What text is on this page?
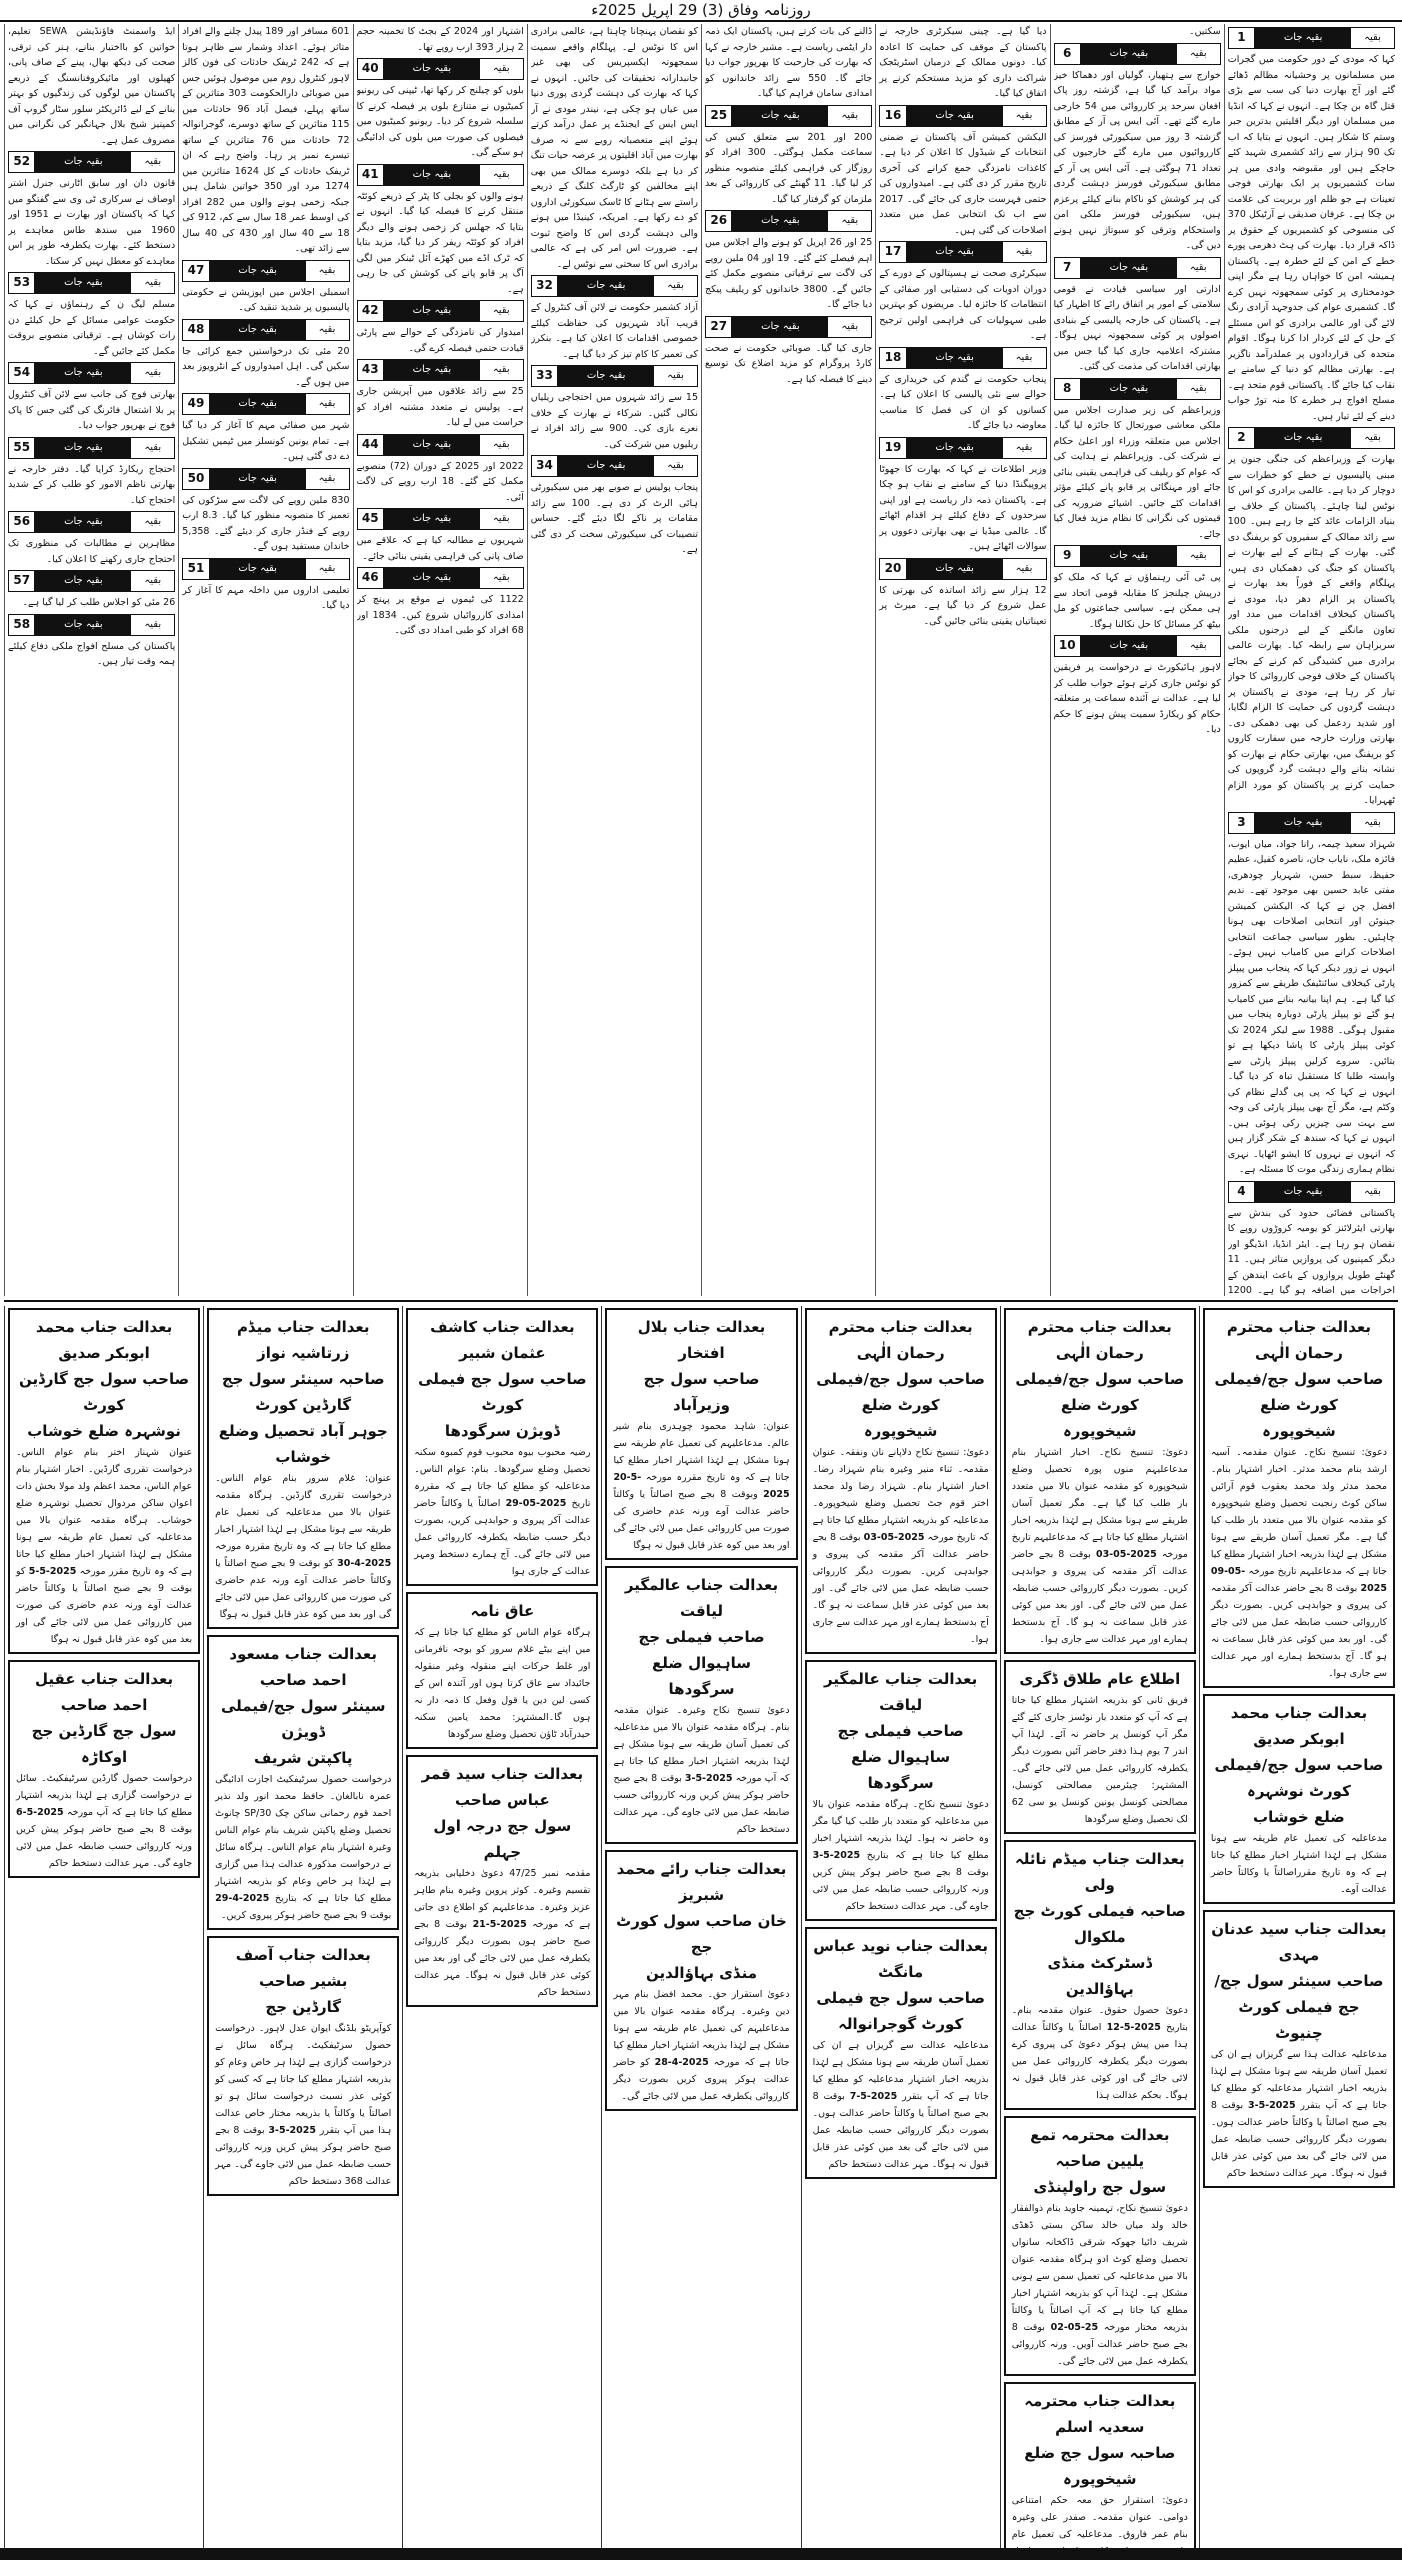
روزنامہ وفاق (3) 29 اپریل 2025ء
بقیہ
بقیہ جات
1
کہا کہ مودی کے دور حکومت میں گجرات میں مسلمانوں پر وحشیانہ مظالم ڈھائے گئے اور آج بھارت دنیا کی سب سے بڑی قتل گاہ بن چکا ہے۔ انہوں نے کہا کہ انڈیا میں مسلمان اور دیگر اقلیتیں بدترین جبر وستم کا شکار ہیں۔ انہوں نے بتایا کہ اب تک 90 ہزار سے زائد کشمیری شہید کئے جاچکے ہیں اور مقبوضہ وادی میں ہر سات کشمیریوں پر ایک بھارتی فوجی تعینات ہے جو ظلم اور بربریت کی علامت بن چکا ہے۔ عرفان صدیقی نے آرٹیکل 370 کی منسوخی کو کشمیریوں کے حقوق پر ڈاکہ قرار دیا۔ بھارت کی ہٹ دھرمی پورے خطے کے امن کے لئے خطرہ ہے۔ پاکستان ہمیشہ امن کا خواہاں رہا ہے مگر اپنی خودمختاری پر کوئی سمجھوتہ نہیں کرے گا۔ کشمیری عوام کی جدوجہد آزادی رنگ لائے گی اور عالمی برادری کو اس مسئلے کے حل کے لئے کردار ادا کرنا ہوگا۔ اقوام متحدہ کی قراردادوں پر عملدرآمد ناگزیر ہے۔ بھارتی مظالم کو دنیا کے سامنے بے نقاب کیا جائے گا۔ پاکستانی قوم متحد ہے۔ مسلح افواج ہر خطرے کا منہ توڑ جواب دینے کے لئے تیار ہیں۔
بقیہ
بقیہ جات
2
بھارت کے وزیراعظم کی جنگی جنون پر مبنی پالیسیوں نے خطے کو خطرات سے دوچار کر دیا ہے۔ عالمی برادری کو اس کا نوٹس لینا چاہئے۔ پاکستان کے خلاف بے بنیاد الزامات عائد کئے جا رہے ہیں۔ 100 سے زائد ممالک کے سفیروں کو بریفنگ دی گئی۔ بھارت کے ہٹانے کے لیے بھارت نے پاکستان کو جنگ کی دھمکیاں دی ہیں، پہلگام واقعے کے فوراً بعد بھارت نے پاکستان پر الزام دھر دیا، مودی نے پاکستان کیخلاف اقدامات میں مدد اور تعاون مانگنے کے لیے درجنوں ملکی سربراہان سے رابطہ کیا۔ بھارت عالمی برادری میں کشیدگی کم کرنے کے بجائے پاکستان کے خلاف فوجی کارروائی کا جواز تیار کر رہا ہے، مودی نے پاکستان پر دہشت گردوں کی حمایت کا الزام لگایا، اور شدید ردعمل کی بھی دھمکی دی۔ بھارتی وزارت خارجہ میں سفارت کاروں کو بریفنگ میں، بھارتی حکام نے بھارت کو نشانہ بنانے والے دہشت گرد گروپوں کی حمایت کرنے پر پاکستان کو مورد الزام ٹھہرایا۔
بقیہ
بقیہ جات
3
شہزاد سعید چیمہ، رانا جواد، میاں ایوب، فائزہ ملک، نایاب جان، ناصرہ کفیل، عظیم حفیظ، سبط حسن، شہریار چودھری، مفتی عابد حسین بھی موجود تھے۔ ندیم افضل چن نے کہا کہ الیکشن کمیشن جینوئن اور انتخابی اصلاحات بھی ہونا چاہئیں۔ بطور سیاسی جماعت انتخابی اصلاحات کرانے میں کامیاب نہیں ہوئے۔ انہوں نے زور دیکر کہا کہ پنجاب میں پیپلز پارٹی کیخلاف سائنٹیفک طریقے سے کمزور کیا گیا ہے۔ ہم اپنا بیانیہ بنانے میں کامیاب ہو گئے تو پیپلز پارٹی دوبارہ پنجاب میں مقبول ہوگی۔ 1988 سے لیکر 2024 تک کوئی پیپلز پارٹی کا پاشا دیکھا ہے تو بتائیں۔ سروے کرلیں پیپلز پارٹی سے وابستہ طلبا کا مستقبل تباہ کر دیا گیا۔ انہوں نے کہا کہ پی پی گدلے نظام کی وکٹم ہے، مگر آج بھی پیپلز پارٹی کی وجہ سے بہت سی چیزیں رکی ہوئی ہیں۔ انہوں نے کہا کہ سندھ کے شکر گزار ہیں کہ انہوں نے نہروں کا ایشو اٹھایا۔ نہری نظام ہماری زندگی موت کا مسئلہ ہے۔
بقیہ
بقیہ جات
4
پاکستانی فضائی حدود کی بندش سے بھارتی ایئرلائنز کو یومیہ کروڑوں روپے کا نقصان ہو رہا ہے۔ ایئر انڈیا، انڈیگو اور دیگر کمپنیوں کی پروازیں متاثر ہیں۔ 11 گھنٹے طویل پروازوں کے باعث ایندھن کے اخراجات میں اضافہ ہو گیا ہے۔ 1200
سکتیں۔
بقیہ
بقیہ جات
6
خوارج سے ہتھیار، گولیاں اور دھماکا خیز مواد برآمد کیا گیا ہے، گزشتہ روز پاک افغان سرحد پر کارروائی میں 54 خارجی مارے گئے تھے۔ آئی ایس پی آر کے مطابق گزشتہ 3 روز میں سیکیورٹی فورسز کی کارروائیوں میں مارے گئے خارجیوں کی تعداد 71 ہوگئی ہے۔ آئی ایس پی آر کے مطابق سیکیورٹی فورسز دہشت گردی کی ہر کوشش کو ناکام بنانے کیلئے پرعزم ہیں، سیکیورٹی فورسز ملکی امن واستحکام وترقی کو سبوتاژ نہیں ہونے دیں گی۔
بقیہ
بقیہ جات
7
ادارتی اور سیاسی قیادت نے قومی سلامتی کے امور پر اتفاق رائے کا اظہار کیا ہے۔ پاکستان کی خارجہ پالیسی کے بنیادی اصولوں پر کوئی سمجھوتہ نہیں ہوگا۔ مشترکہ اعلامیہ جاری کیا گیا جس میں بھارتی اقدامات کی مذمت کی گئی۔
بقیہ
بقیہ جات
8
وزیراعظم کی زیر صدارت اجلاس میں ملکی معاشی صورتحال کا جائزہ لیا گیا۔ اجلاس میں متعلقہ وزراء اور اعلیٰ حکام نے شرکت کی۔ وزیراعظم نے ہدایت کی کہ عوام کو ریلیف کی فراہمی یقینی بنائی جائے اور مہنگائی پر قابو پانے کیلئے مؤثر اقدامات کئے جائیں۔ اشیائے ضروریہ کی قیمتوں کی نگرانی کا نظام مزید فعال کیا جائے۔
بقیہ
بقیہ جات
9
پی ٹی آئی رہنماؤں نے کہا کہ ملک کو درپیش چیلنجز کا مقابلہ قومی اتحاد سے ہی ممکن ہے۔ سیاسی جماعتوں کو مل بیٹھ کر مسائل کا حل نکالنا ہوگا۔
بقیہ
بقیہ جات
10
لاہور ہائیکورٹ نے درخواست پر فریقین کو نوٹس جاری کرتے ہوئے جواب طلب کر لیا ہے۔ عدالت نے آئندہ سماعت پر متعلقہ حکام کو ریکارڈ سمیت پیش ہونے کا حکم دیا۔
دیا گیا ہے۔ چینی سیکرٹری خارجہ نے پاکستان کے موقف کی حمایت کا اعادہ کیا۔ دونوں ممالک کے درمیان اسٹریٹجک شراکت داری کو مزید مستحکم کرنے پر اتفاق کیا گیا۔
بقیہ
بقیہ جات
16
الیکشن کمیشن آف پاکستان نے ضمنی انتخابات کے شیڈول کا اعلان کر دیا ہے۔ کاغذات نامزدگی جمع کرانے کی آخری تاریخ مقرر کر دی گئی ہے۔ امیدواروں کی حتمی فہرست جاری کی جائے گی۔ 2017 سے اب تک انتخابی عمل میں متعدد اصلاحات کی گئی ہیں۔
بقیہ
بقیہ جات
17
سیکرٹری صحت نے ہسپتالوں کے دورے کے دوران ادویات کی دستیابی اور صفائی کے انتظامات کا جائزہ لیا۔ مریضوں کو بہترین طبی سہولیات کی فراہمی اولین ترجیح ہے۔
بقیہ
بقیہ جات
18
پنجاب حکومت نے گندم کی خریداری کے حوالے سے نئی پالیسی کا اعلان کیا ہے۔ کسانوں کو ان کی فصل کا مناسب معاوضہ دیا جائے گا۔
بقیہ
بقیہ جات
19
وزیر اطلاعات نے کہا کہ بھارت کا جھوٹا پروپیگنڈا دنیا کے سامنے بے نقاب ہو چکا ہے۔ پاکستان ذمہ دار ریاست ہے اور اپنی سرحدوں کے دفاع کیلئے ہر اقدام اٹھائے گا۔ عالمی میڈیا نے بھی بھارتی دعووں پر سوالات اٹھائے ہیں۔
بقیہ
بقیہ جات
20
12 ہزار سے زائد اساتذہ کی بھرتی کا عمل شروع کر دیا گیا ہے۔ میرٹ پر تعیناتیاں یقینی بنائی جائیں گی۔
ڈالنے کی بات کرتے ہیں، پاکستان ایک ذمہ دار ایٹمی ریاست ہے۔ مشیر خارجہ نے کہا کہ بھارت کی جارحیت کا بھرپور جواب دیا جائے گا۔ 550 سے زائد خاندانوں کو امدادی سامان فراہم کیا گیا۔
بقیہ
بقیہ جات
25
200 اور 201 سے متعلق کیس کی سماعت مکمل ہوگئی۔ 300 افراد کو روزگار کی فراہمی کیلئے منصوبہ منظور کر لیا گیا۔ 11 گھنٹے کی کارروائی کے بعد ملزمان کو گرفتار کیا گیا۔
بقیہ
بقیہ جات
26
25 اور 26 اپریل کو ہونے والے اجلاس میں اہم فیصلے کئے گئے۔ 19 اور 04 ملین روپے کی لاگت سے ترقیاتی منصوبے مکمل کئے جائیں گے۔ 3800 خاندانوں کو ریلیف پیکج دیا جائے گا۔
بقیہ
بقیہ جات
27
جاری کیا گیا۔ صوبائی حکومت نے صحت کارڈ پروگرام کو مزید اضلاع تک توسیع دینے کا فیصلہ کیا ہے۔
کو نقصان پہنچانا چاہتا ہے، عالمی برادری اس کا نوٹس لے۔ پہلگام واقعے سمیت سمجھوتہ ایکسپریس کی بھی غیر جانبدارانہ تحقیقات کی جائیں۔ انہوں نے کہا کہ بھارت کی دہشت گردی پوری دنیا میں عیاں ہو چکی ہے، نیندر مودی نے آر ایس ایس کے ایجنڈے پر عمل درآمد کرتے ہوئے اپنے متعصبانہ رویے سے نہ صرف بھارت میں آباد اقلیتوں پر عرصہ حیات تنگ کر دیا ہے بلکہ دوسرے ممالک میں بھی اپنے مخالفین کو ٹارگٹ کلنگ کے ذریعے راستے سے ہٹانے کا ٹاسک سیکورٹی اداروں کو دے رکھا ہے۔ امریکہ، کینیڈا میں ہونے والی دہشت گردی اس کا واضح ثبوت ہے۔ ضرورت اس امر کی ہے کہ عالمی برادری اس کا سختی سے نوٹس لے۔
بقیہ
بقیہ جات
32
آزاد کشمیر حکومت نے لائن آف کنٹرول کے قریب آباد شہریوں کی حفاظت کیلئے خصوصی اقدامات کا اعلان کیا ہے۔ بنکرز کی تعمیر کا کام تیز کر دیا گیا ہے۔
بقیہ
بقیہ جات
33
15 سے زائد شہروں میں احتجاجی ریلیاں نکالی گئیں۔ شرکاء نے بھارت کے خلاف نعرے بازی کی۔ 900 سے زائد افراد نے ریلیوں میں شرکت کی۔
بقیہ
بقیہ جات
34
پنجاب پولیس نے صوبے بھر میں سیکیورٹی ہائی الرٹ کر دی ہے۔ 100 سے زائد مقامات پر ناکے لگا دیئے گئے۔ حساس تنصیبات کی سیکیورٹی سخت کر دی گئی ہے۔
اشتہار اور 2024 کے بجٹ کا تخمینہ حجم 2 ہزار 393 ارب روپے تھا۔
بقیہ
بقیہ جات
40
بلوں کو چیلنج کر رکھا تھا، ٹیپنی کی ریونیو کمیٹیوں نے متنازع بلوں پر فیصلہ کرنے کا سلسلہ شروع کر دیا۔ ریونیو کمیٹیوں میں فیصلوں کی صورت میں بلوں کی ادائیگی ہو سکے گی۔
بقیہ
بقیہ جات
41
ہونے والوں کو بجلی کا پٹر کے ذریعے کوئٹہ منتقل کرنے کا فیصلہ کیا گیا۔ انہوں نے بتایا کہ جھلس کر زخمی ہونے والے دیگر افراد کو کوئٹہ ریفر کر دیا گیا، مزید بتایا کہ ٹرک اڈے میں کھڑے آئل ٹینکر میں لگی آگ پر قابو پانے کی کوشش کی جا رہی ہے۔
بقیہ
بقیہ جات
42
امیدوار کی نامزدگی کے حوالے سے پارٹی قیادت حتمی فیصلہ کرے گی۔
بقیہ
بقیہ جات
43
25 سے زائد علاقوں میں آپریشن جاری ہے۔ پولیس نے متعدد مشتبہ افراد کو حراست میں لے لیا۔
بقیہ
بقیہ جات
44
2022 اور 2025 کے دوران (72) منصوبے مکمل کئے گئے۔ 18 ارب روپے کی لاگت آئی۔
بقیہ
بقیہ جات
45
شہریوں نے مطالبہ کیا ہے کہ علاقے میں صاف پانی کی فراہمی یقینی بنائی جائے۔
بقیہ
بقیہ جات
46
1122 کی ٹیموں نے موقع پر پہنچ کر امدادی کارروائیاں شروع کیں۔ 1834 اور 68 افراد کو طبی امداد دی گئی۔
601 مسافر اور 189 پیدل چلنے والے افراد متاثر ہوئے۔ اعداد وشمار سے ظاہر ہوتا ہے کہ 242 ٹریفک حادثات کی فون کالز لاہور کنٹرول روم میں موصول ہوئیں جس میں صوبائی دارالحکومت 303 متاثرین کے ساتھ پہلے، فیصل آباد 96 حادثات میں 115 متاثرین کے ساتھ دوسرے، گوجرانوالہ 72 حادثات میں 76 متاثرین کے ساتھ تیسرے نمبر پر رہا۔ واضح رہے کہ ان ٹریفک حادثات کے کل 1624 متاثرین میں 1274 مرد اور 350 خواتین شامل ہیں جبکہ زخمی ہونے والوں میں 282 افراد کی اوسط عمر 18 سال سے کم، 912 کی 18 سے 40 سال اور 430 کی 40 سال سے زائد تھی۔
بقیہ
بقیہ جات
47
اسمبلی اجلاس میں اپوزیشن نے حکومتی پالیسیوں پر شدید تنقید کی۔
بقیہ
بقیہ جات
48
20 مئی تک درخواستیں جمع کرائی جا سکیں گی۔ اہل امیدواروں کے انٹرویوز بعد میں ہوں گے۔
بقیہ
بقیہ جات
49
شہر میں صفائی مہم کا آغاز کر دیا گیا ہے۔ تمام یونین کونسلز میں ٹیمیں تشکیل دے دی گئی ہیں۔
بقیہ
بقیہ جات
50
830 ملین روپے کی لاگت سے سڑکوں کی تعمیر کا منصوبہ منظور کیا گیا۔ 8.3 ارب روپے کے فنڈز جاری کر دیئے گئے۔ 5,358 خاندان مستفید ہوں گے۔
بقیہ
بقیہ جات
51
تعلیمی اداروں میں داخلہ مہم کا آغاز کر دیا گیا۔
ایڈ واسمنٹ فاؤنڈیشن SEWA تعلیم، خواتین کو بااختیار بنانے، ہنر کی ترقی، صحت کی دیکھ بھال، پینے کے صاف پانی، کھیلوں اور مائیکروفنانسنگ کے ذریعے پاکستان میں لوگوں کی زندگیوں کو بہتر بنانے کے لیے ڈائریکٹر سلور سٹار گروپ آف کمپنیز شیخ بلال جہانگیر کی نگرانی میں مصروف عمل ہے۔
بقیہ
بقیہ جات
52
قانون دان اور سابق اٹارنی جنرل اشتر اوصاف نے سرکاری ٹی وی سے گفتگو میں کہا کہ پاکستان اور بھارت نے 1951 اور 1960 میں سندھ طاس معاہدے پر دستخط کئے۔ بھارت یکطرفہ طور پر اس معاہدے کو معطل نہیں کر سکتا۔
بقیہ
بقیہ جات
53
مسلم لیگ ن کے رہنماؤں نے کہا کہ حکومت عوامی مسائل کے حل کیلئے دن رات کوشاں ہے۔ ترقیاتی منصوبے بروقت مکمل کئے جائیں گے۔
بقیہ
بقیہ جات
54
بھارتی فوج کی جانب سے لائن آف کنٹرول پر بلا اشتعال فائرنگ کی گئی جس کا پاک فوج نے بھرپور جواب دیا۔
بقیہ
بقیہ جات
55
احتجاج ریکارڈ کرایا گیا۔ دفتر خارجہ نے بھارتی ناظم الامور کو طلب کر کے شدید احتجاج کیا۔
بقیہ
بقیہ جات
56
مظاہرین نے مطالبات کی منظوری تک احتجاج جاری رکھنے کا اعلان کیا۔
بقیہ
بقیہ جات
57
26 مئی کو اجلاس طلب کر لیا گیا ہے۔
بقیہ
بقیہ جات
58
پاکستان کی مسلح افواج ملکی دفاع کیلئے ہمہ وقت تیار ہیں۔
بعدالت جناب محترم رحمان الٰہی
صاحب سول جج/فیملی کورٹ ضلع
شیخوپورہ
دعویٰ: تنسیخ نکاح۔ عنوان مقدمہ۔ آسیہ ارشد بنام محمد مدثر۔ اخبار اشتہار بنام۔ محمد مدثر ولد محمد یعقوب قوم آرائیں ساکن کوٹ رنجیت تحصیل وضلع شیخوپورہ کو مقدمہ عنوان بالا میں متعدد بار طلب کیا گیا ہے۔ مگر تعمیل آسان طریقے سے ہونا مشکل ہے لہٰذا بذریعہ اخبار اشتہار مطلع کیا جاتا ہے کہ مدعاعلیہم تاریخ مورخہ 09-05-2025 بوقت 8 بجے حاضر عدالت آکر مقدمہ کی پیروی و جوابدہی کریں۔ بصورت دیگر کارروائی حسب ضابطہ عمل میں لائی جائے گی۔ اور بعد میں کوئی عذر قابل سماعت نہ ہو گا۔ آج بدستخط ہمارے اور مہر عدالت سے جاری ہوا۔
بعدالت جناب محمد ابوبکر صدیق
صاحب سول جج/فیملی کورٹ نوشہرہ
ضلع خوشاب
مدعاعلیہ کی تعمیل عام طریقہ سے ہونا مشکل ہے لہٰذا اشتہار اخبار مطلع کیا جاتا ہے کہ وہ تاریخ مقرراصالتاً یا وکالتاً حاضر عدالت آوے۔
بعدالت جناب سید عدنان مہدی
صاحب سینئر سول جج/جج فیملی کورٹ
چنیوٹ
مدعاعلیہ عدالت ہذا سے گریزاں ہے ان کی تعمیل آسان طریقہ سے ہونا مشکل ہے لہٰذا بذریعہ اخبار اشتہار مدعاعلیہ کو مطلع کیا جاتا ہے کہ آپ بتقرر 3-5-2025 بوقت 8 بجے صبح اصالتاً یا وکالتاً حاضر عدالت ہوں۔ بصورت دیگر کارروائی حسب ضابطہ عمل میں لائی جائے گی بعد میں کوئی عذر قابل قبول نہ ہوگا۔ مہر عدالت دستخط حاکم
بعدالت جناب محترم رحمان الٰہی
صاحب سول جج/فیملی کورٹ ضلع
شیخوپورہ
دعویٰ: تنسیخ نکاح۔ اخبار اشتہار بنام مدعاعلیہم منوں پورہ تحصیل وضلع شیخوپورہ کو مقدمہ عنوان بالا میں متعدد بار طلب کیا گیا ہے۔ مگر تعمیل آسان طریقے سے ہونا مشکل ہے لہٰذا بذریعہ اخبار اشتہار مطلع کیا جاتا ہے کہ مدعاعلیہم تاریخ مورخہ 03-05-2025 بوقت 8 بجے حاضر عدالت آکر مقدمہ کی پیروی و جوابدہی کریں۔ بصورت دیگر کارروائی حسب ضابطہ عمل میں لائی جائے گی۔ اور بعد میں کوئی عذر قابل سماعت نہ ہو گا۔ آج بدستخط ہمارے اور مہر عدالت سے جاری ہوا۔
اطلاع عام طلاق ڈگری
فریق ثانی کو بذریعہ اشتہار مطلع کیا جاتا ہے کہ آپ کو متعدد بار نوٹسز جاری کئے گئے مگر آپ کونسل پر حاضر نہ آئے۔ لہٰذا آپ اندر 7 یوم ہذا دفتر حاضر آئیں بصورت دیگر یکطرفہ کارروائی عمل میں لائی جائے گی۔المشتہر: چیئرمین مصالحتی کونسل، مصالحتی کونسل یونین کونسل یو سی 62 لک تحصیل وضلع سرگودھا
بعدالت جناب میڈم نائلہ ولی
صاحبہ فیملی کورٹ جج ملکوال
ڈسٹرکٹ منڈی بہاؤالدین
دعویٰ حصول حقوق۔ عنوان مقدمہ بنام۔ بتاریخ 12-5-2025 اصالتاً یا وکالتاً عدالت ہذا میں پیش ہوکر دعویٰ کی پیروی کرے بصورت دیگر یکطرفہ کارروائی عمل میں لائی جائے گی اور کوئی عذر قابل قبول نہ ہوگا۔ بحکم عدالت ہذا
بعدالت محترمہ تمع یلیین صاحبہ
سول جج راولپنڈی
دعویٰ تنسیخ نکاح، تہمینہ جاوید بنام ذوالفقار خالد ولد میاں خالد ساکن بستی ڈھڈی شریف دائیا جھوکہ شرقی ڈاکخانہ سانواں تحصیل وضلع کوٹ ادو ہرگاہ مقدمہ عنوان بالا میں مدعاعلیہ کی تعمیل سمن سے ہونی مشکل ہے۔ لہٰذا آپ کو بذریعہ اشتہار اخبار مطلع کیا جاتا ہے کہ آپ اصالتاً یا وکالتاً بذریعہ مختار مورخہ 02-05-25 بوقت 8 بجے صبح حاضر عدالت آویں۔ ورنہ کارروائی یکطرفہ عمل میں لائی جائے گی۔
بعدالت جناب محترمہ سعدیہ اسلم
صاحبہ سول جج ضلع شیخوپورہ
دعویٰ: استقرار حق معہ حکم امتناعی دوامی۔ عنوان مقدمہ۔ صفدر علی وغیرہ بنام عمر فاروق۔ مدعاعلیہ کی تعمیل عام
بعدالت جناب محترم رحمان الٰہی
صاحب سول جج/فیملی کورٹ ضلع
شیخوپورہ
دعویٰ: تنسیخ نکاح دلاپانے نان ونفقہ۔ عنوان مقدمہ۔ ثناء منیر وغیرہ بنام شہزاد رضا۔ اخبار اشتہار بنام۔ شہزاد رضا ولد محمد اختر قوم جٹ تحصیل وضلع شیخوپورہ۔ مدعاعلیہ کو بذریعہ اشتہار مطلع کیا جاتا ہے کہ تاریخ مورخہ 03-05-2025 بوقت 8 بجے حاضر عدالت آکر مقدمہ کی پیروی و جوابدہی کریں۔ بصورت دیگر کارروائی حسب ضابطہ عمل میں لائی جائے گی۔ اور بعد میں کوئی عذر قابل سماعت نہ ہو گا۔ آج بدستخط ہمارے اور مہر عدالت سے جاری ہوا۔
بعدالت جناب عالمگیر لیاقت
صاحب فیملی جج ساہیوال ضلع
سرگودھا
دعویٰ تنسیخ نکاح۔ ہرگاہ مقدمہ عنوان بالا میں مدعاعلیہ کو متعدد بار طلب کیا گیا مگر وہ حاضر نہ ہوا۔ لہٰذا بذریعہ اشتہار اخبار مطلع کیا جاتا ہے کہ بتاریخ 3-5-2025 بوقت 8 بجے صبح حاضر ہوکر پیش کریں ورنہ کارروائی حسب ضابطہ عمل میں لائی جاوے گی۔ مہر عدالت دستخط حاکم
بعدالت جناب نوید عباس مانگٹ
صاحب سول جج فیملی کورٹ گوجرانوالہ
مدعاعلیہ عدالت سے گریزاں ہے ان کی تعمیل آسان طریقہ سے ہونا مشکل ہے لہٰذا بذریعہ اخبار اشتہار مدعاعلیہ کو مطلع کیا جاتا ہے کہ آپ بتقرر 7-5-2025 بوقت 8 بجے صبح اصالتاً یا وکالتاً حاضر عدالت ہوں۔ بصورت دیگر کارروائی حسب ضابطہ عمل میں لائی جائے گی بعد میں کوئی عذر قابل قبول نہ ہوگا۔ مہر عدالت دستخط حاکم
بعدالت جناب بلال افتخار
صاحب سول جج وزیرآباد
عنوان: شاہد محمود چوہدری بنام شیر عالم۔ مدعاعلیہم کی تعمیل عام طریقہ سے ہونا مشکل ہے لہٰذا اشتہار اخبار مطلع کیا جاتا ہے کہ وہ تاریخ مقررہ مورخہ 20-5-2025 وبوقت 8 بجے صبح اصالتاً یا وکالتاً حاضر عدالت آوے ورنہ عدم حاضری کی صورت میں کارروائی عمل میں لائی جائے گی اور بعد میں کوہ عذر قابل قبول نہ ہوگا
بعدالت جناب عالمگیر لیاقت
صاحب فیملی جج ساہیوال ضلع
سرگودھا
دعویٰ تنسیخ نکاح وغیرہ۔ عنوان مقدمہ بنام۔ ہرگاہ مقدمہ عنوان بالا میں مدعاعلیہ کی تعمیل آسان طریقہ سے ہونا مشکل ہے لہٰذا بذریعہ اشتہار اخبار مطلع کیا جاتا ہے کہ آپ مورخہ 3-5-2025 بوقت 8 بجے صبح حاضر ہوکر پیش کریں ورنہ کارروائی حسب ضابطہ عمل میں لائی جاوے گی۔ مہر عدالت دستخط حاکم
بعدالت جناب رائے محمد شبریز
خان صاحب سول کورٹ جج
منڈی بہاؤالدین
دعویٰ استقرار حق۔ محمد افضل بنام مہر دین وغیرہ۔ ہرگاہ مقدمہ عنوان بالا میں مدعاعلیہم کی تعمیل عام طریقہ سے ہونا مشکل ہے لہٰذا بذریعہ اشتہار اخبار مطلع کیا جاتا ہے کہ مورخہ 28-4-2025 کو حاضر عدالت ہوکر پیروی کریں بصورت دیگر کارروائی یکطرفہ عمل میں لائی جائے گی۔
بعدالت جناب کاشف عثمان شبیر
صاحب سول جج فیملی کورٹ
ڈویژن سرگودھا
رضیہ محبوب بیوہ محبوب قوم کمبوہ سکنہ تحصیل وضلع سرگودھا۔ بنام: عوام الناس۔ مدعاعلیہ کو مطلع کیا جاتا ہے کہ مقررہ تاریخ 29-05-2025 اصالتاً یا وکالتاً حاضر عدالت آکر پیروی و جوابدہی کریں، بصورت دیگر حسب ضابطہ یکطرفہ کارروائی عمل میں لائی جائے گی۔ آج ہمارے دستخط ومہر عدالت کے جاری ہوا
عاق نامہ
ہرگاہ عوام الناس کو مطلع کیا جاتا ہے کہ میں اپنے بیٹے غلام سرور کو بوجہ نافرمانی اور غلط حرکات اپنے منقولہ وغیر منقولہ جائیداد سے عاق کرتا ہوں اور آئندہ اس کے کسی لین دین یا قول وفعل کا ذمہ دار نہ ہوں گا۔المشتہر: محمد یامین سکنہ حیدرآباد ٹاؤن تحصیل وضلع سرگودھا
بعدالت جناب سید قمر عباس صاحب
سول جج درجہ اول جہلم
مقدمہ نمبر 47/25 دعویٰ دخلیابی بذریعہ تقسیم وغیرہ۔ کوثر پروین وغیرہ بنام طاہر عزیز وغیرہ۔ مدعاعلیہم کو اطلاع دی جاتی ہے کہ مورخہ 21-5-2025 بوقت 8 بجے صبح حاضر ہوں بصورت دیگر کارروائی یکطرفہ عمل میں لائی جائے گی اور بعد میں کوئی عذر قابل قبول نہ ہوگا۔ مہر عدالت دستخط حاکم
بعدالت جناب میڈم زرتاشیہ نواز
صاحبہ سینئر سول جج گارڈین کورٹ
جوہر آباد تحصیل وضلع خوشاب
عنوان: غلام سرور بنام عوام الناس۔ درخواست تقرری گارڈین۔ ہرگاہ مقدمہ عنوان بالا میں مدعاعلیہ کی تعمیل عام طریقہ سے ہونا مشکل ہے لہٰذا اشتہار اخبار مطلع کیا جاتا ہے کہ وہ تاریخ مقررہ مورخہ 30-4-2025 کو بوقت 9 بجے صبح اصالتاً یا وکالتاً حاضر عدالت آوے ورنہ عدم حاضری کی صورت میں کارروائی عمل میں لائی جائے گی اور بعد میں کوہ عذر قابل قبول نہ ہوگا
بعدالت جناب مسعود احمد صاحب
سینئر سول جج/فیملی ڈویژن
پاکپتن شریف
درخواست حصول سرٹیفکیٹ اجازت ادائیگی عمرہ نابالغان۔ حافظ محمد انور ولد نذیر احمد قوم رحمانی ساکن چک 30/SP چانوٹ تحصیل وضلع پاکپتن شریف بنام عوام الناس وغیرہ اشتہار بنام عوام الناس۔ ہرگاہ سائل نے درخواست مذکورہ عدالت ہذا میں گزاری ہے لہٰذا ہر خاص وعام کو بذریعہ اشتہار مطلع کیا جاتا ہے کہ بتاریخ 29-4-2025 بوقت 9 بجے صبح حاضر ہوکر پیروی کریں۔
بعدالت جناب آصف بشیر صاحب
گارڈین جج
کوآپریٹو بلڈنگ ایوان عدل لاہور۔ درخواست حصول سرٹیفکیٹ۔ ہرگاہ سائل نے درخواست گزاری ہے لہٰذا ہر خاص وعام کو بذریعہ اشتہار مطلع کیا جاتا ہے کہ کسی کو کوئی عذر نسبت درخواست سائل ہو تو اصالتاً یا وکالتاً یا بذریعہ مختار خاص عدالت ہذا میں آپ بتقرر 3-5-2025 بوقت 8 بجے صبح حاضر ہوکر پیش کریں ورنہ کارروائی حسب ضابطہ عمل میں لائی جاوے گی۔ مہر عدالت 368 دستخط حاکم
بعدالت جناب محمد ابوبکر صدیق
صاحب سول جج گارڈین کورٹ
نوشہرہ ضلع خوشاب
عنوان شہناز اختر بنام عوام الناس۔ درخواست تقرری گارڈین۔ اخبار اشتہار بنام عوام الناس، محمد اعظم ولد مولا بخش ذات اعوان ساکن مردوال تحصیل نوشہرہ ضلع خوشاب۔ ہرگاہ مقدمہ عنوان بالا میں مدعاعلیہ کی تعمیل عام طریقہ سے ہونا مشکل ہے لہٰذا اشتہار اخبار مطلع کیا جاتا ہے کہ وہ تاریخ مقرر مورخہ 5-5-2025 کو بوقت 9 بجے صبح اصالتاً یا وکالتاً حاضر عدالت آوے ورنہ عدم حاضری کی صورت میں کارروائی عمل میں لائی جائے گی اور بعد میں کوہ عذر قابل قبول نہ ہوگا
بعدالت جناب عقیل احمد صاحب
سول جج گارڈین جج اوکاڑہ
درخواست حصول گارڈین سرٹیفکیٹ۔ سائل نے درخواست گزاری ہے لہٰذا بذریعہ اشتہار مطلع کیا جاتا ہے کہ آپ مورخہ 6-5-2025 بوقت 8 بجے صبح حاضر ہوکر پیش کریں ورنہ کارروائی حسب ضابطہ عمل میں لائی جاوے گی۔ مہر عدالت دستخط حاکم
